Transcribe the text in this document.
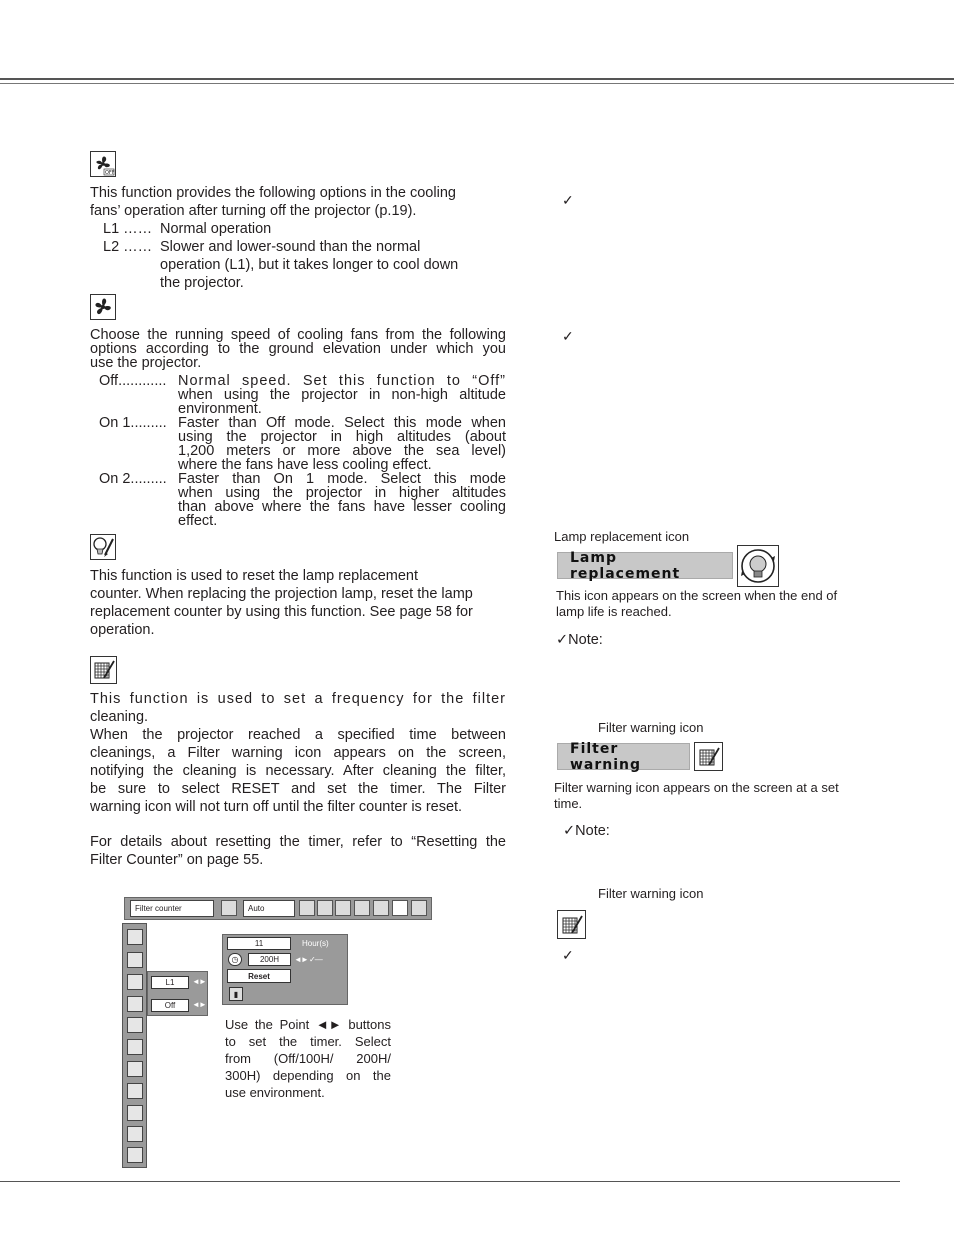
OFF
This function provides the following options in the cooling
fans’ operation after turning off the projector (p.19).
L1 …… Normal operation
L2 …… Slower and lower-sound than the normal
operation (L1), but it takes longer to cool down
the projector.
Choose the running speed of cooling fans from the following
options according to the ground elevation under which you
use the projector.
Off............ Normal speed. Set this function to “Off”
when using the projector in non-high altitude
environment.
On 1......... Faster than Off mode. Select this mode when
using the projector in high altitudes (about
1,200 meters or more above the sea level)
where the fans have less cooling effect.
On 2......... Faster than On 1 mode. Select this mode
when using the projector in higher altitudes
than above where the fans have lesser cooling
effect.
This function is used to reset the lamp replacement
counter. When replacing the projection lamp, reset the lamp
replacement counter by using this function. See page 58 for
operation.
This function is used to set a frequency for the filter
cleaning.
When the projector reached a specified time between
cleanings, a Filter warning icon appears on the screen,
notifying the cleaning is necessary. After cleaning the filter,
be sure to select RESET and set the timer. The Filter
warning icon will not turn off until the filter counter is reset.
For details about resetting the timer, refer to “Resetting the
Filter Counter” on page 55.
Filter counter	Auto
L1	◄►
Off	◄►
11	Hour(s)
◷	200H	◄► ✓—
Reset
▮
Use the Point ◄► buttons
to set the timer. Select
from (Off/100H/ 200H/
300H) depending on the
use environment.
✓
✓
Lamp replacement icon
Lamp replacement
This icon appears on the screen when the end of
lamp life is reached.
✓Note:
Filter warning icon
Filter warning
Filter warning icon appears on the screen at a set
time.
✓Note:
Filter warning icon
✓
